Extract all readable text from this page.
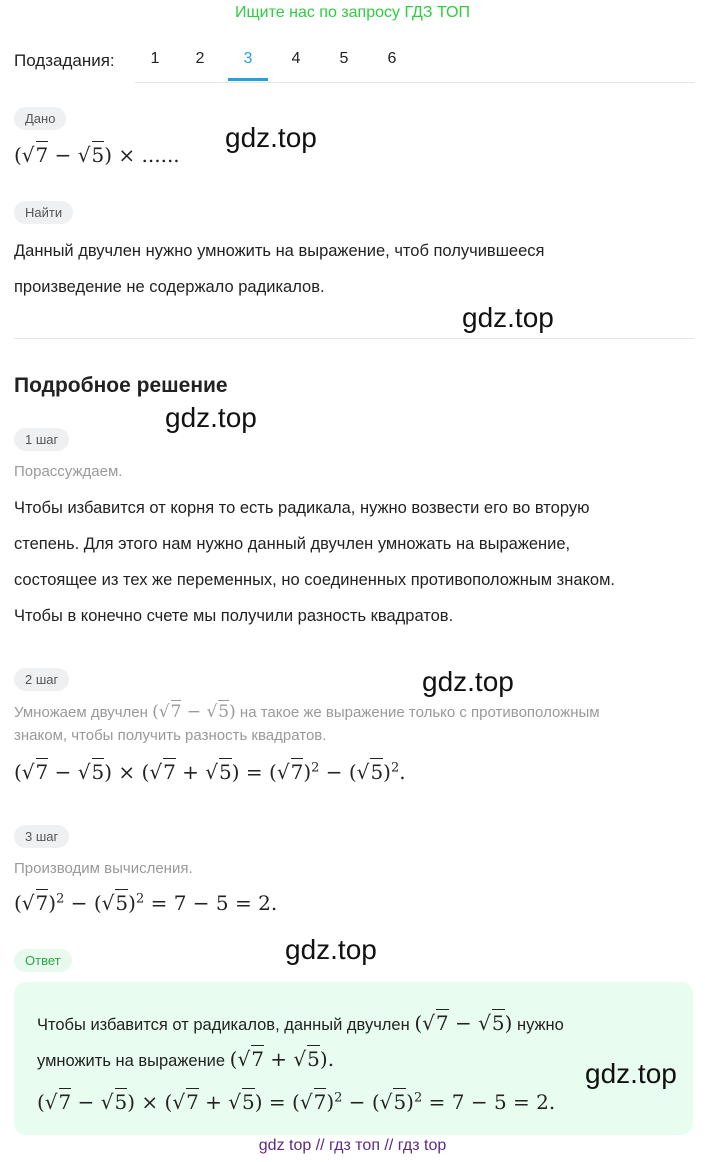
Ищите нас по запросу ГДЗ ТОП
Подзадания:	1	2	3	4	5	6
Дано
(√7 − √5) × ......
gdz.top
Найти
Данный двучлен нужно умножить на выражение, чтоб получившееся
произведение не содержало радикалов.
gdz.top
Подробное решение
gdz.top
1 шаг
Порассуждаем.
Чтобы избавится от корня то есть радикала, нужно возвести его во вторую
степень. Для этого нам нужно данный двучлен умножать на выражение,
состоящее из тех же переменных, но соединенных противоположным знаком.
Чтобы в конечно счете мы получили разность квадратов.
2 шаг	gdz.top
Умножаем двучлен (√7 − √5) на такое же выражение только с противоположным
знаком, чтобы получить разность квадратов.
$(√7 - √5) \times (√7 + √5) = (√7)^2 - (√5)^2$.
3 шаг
Производим вычисления.
$(√7)^2 - (√5)^2 = 7 - 5 = 2$.
gdz.top
Ответ
Чтобы избавится от радикалов, данный двучлен (√7 − √5) нужно
умножить на выражение (√7 + √5).
$(√7 - √5) \times (√7 + √5) = (√7)^2 - (√5)^2 = 7 - 5 = 2$.
gdz.top
gdz top // гдз топ // гдз top
